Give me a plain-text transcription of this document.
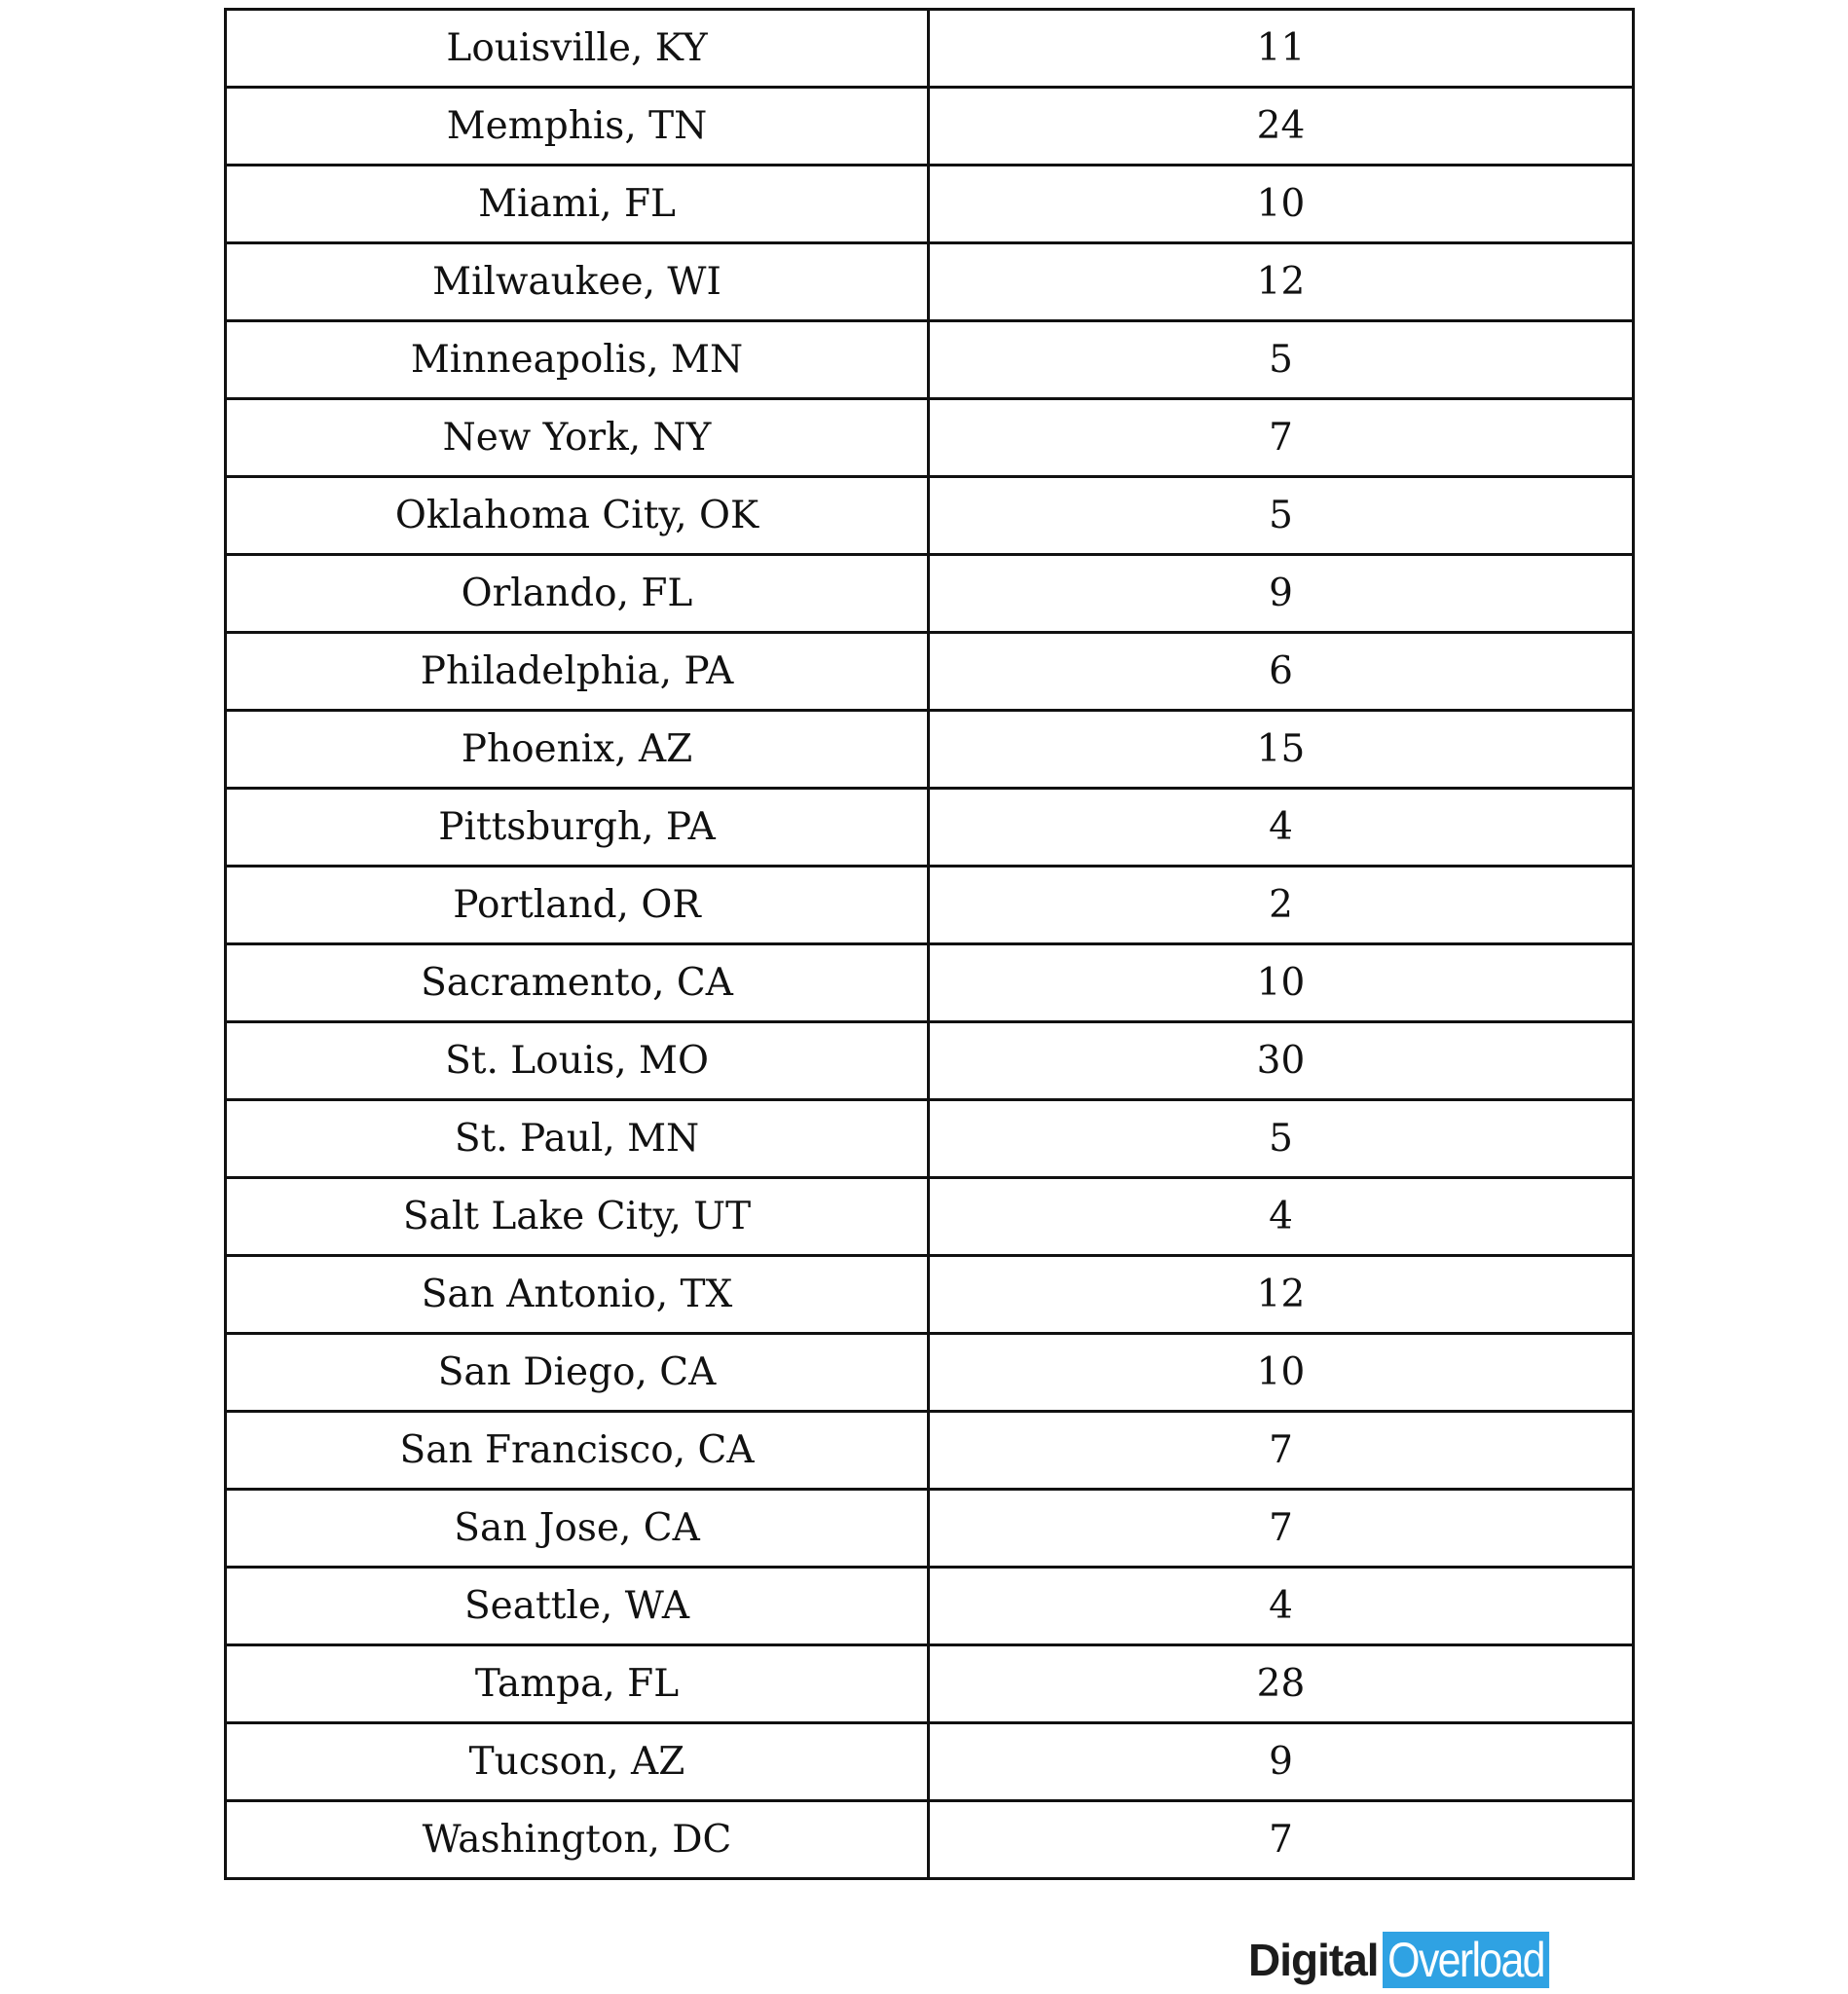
Louisville, KY	11
Memphis, TN	24
Miami, FL	10
Milwaukee, WI	12
Minneapolis, MN	5
New York, NY	7
Oklahoma City, OK	5
Orlando, FL	9
Philadelphia, PA	6
Phoenix, AZ	15
Pittsburgh, PA	4
Portland, OR	2
Sacramento, CA	10
St. Louis, MO	30
St. Paul, MN	5
Salt Lake City, UT	4
San Antonio, TX	12
San Diego, CA	10
San Francisco, CA	7
San Jose, CA	7
Seattle, WA	4
Tampa, FL	28
Tucson, AZ	9
Washington, DC	7
Digital Overload
